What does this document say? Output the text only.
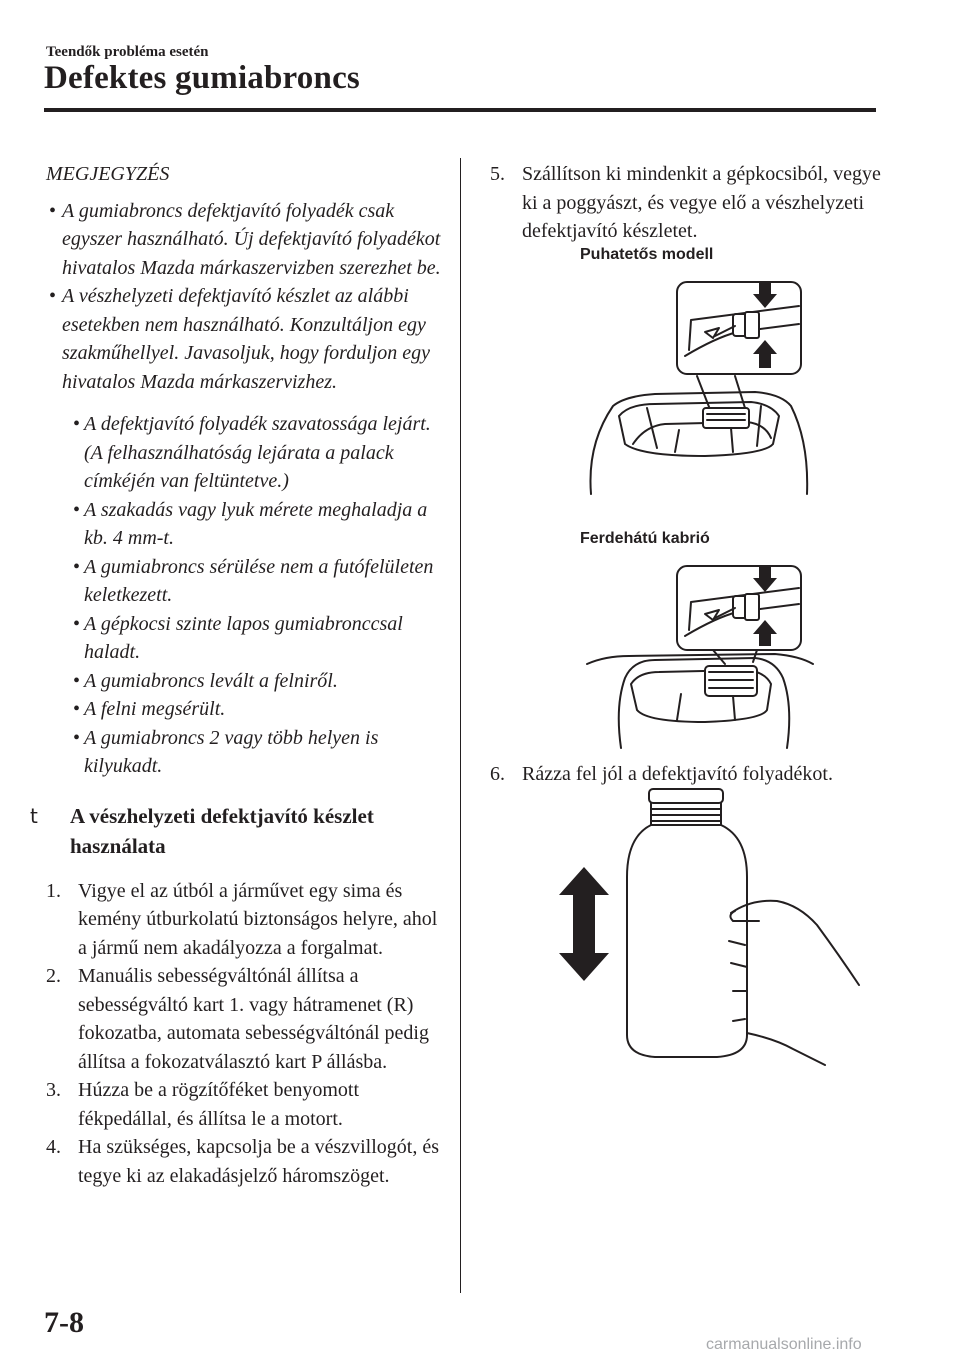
Teendők probléma esetén
Defektes gumiabroncs
MEGJEGYZÉS
• A gumiabroncs defektjavító folyadék csak egyszer használható. Új defektjavító folyadékot hivatalos Mazda márkaszervizben szerezhet be.
• A vészhelyzeti defektjavító készlet az alábbi esetekben nem használható. Konzultáljon egy szakműhellyel. Javasoljuk, hogy forduljon egy hivatalos Mazda márkaszervizhez.
• A defektjavító folyadék szavatossága lejárt. (A felhasználhatóság lejárata a palack címkéjén van feltüntetve.)
• A szakadás vagy lyuk mérete meghaladja a kb. 4 mm-t.
• A gumiabroncs sérülése nem a futófelületen keletkezett.
• A gépkocsi szinte lapos gumiabronccsal haladt.
• A gumiabroncs levált a felniről.
• A felni megsérült.
• A gumiabroncs 2 vagy több helyen is kilyukadt.
t A vészhelyzeti defektjavító készlet használata
1. Vigye el az útból a járművet egy sima és kemény útburkolatú biztonságos helyre, ahol a jármű nem akadályozza a forgalmat.
2. Manuális sebességváltónál állítsa a sebességváltó kart 1. vagy hátramenet (R) fokozatba, automata sebességváltónál pedig állítsa a fokozatválasztó kart P állásba.
3. Húzza be a rögzítőféket benyomott fékpedállal, és állítsa le a motort.
4. Ha szükséges, kapcsolja be a vészvillogót, és tegye ki az elakadásjelző háromszöget.
5. Szállítson ki mindenkit a gépkocsiból, vegye ki a poggyászt, és vegye elő a vészhelyzeti defektjavító készletet.
Puhatetős modell
Ferdehátú kabrió
6. Rázza fel jól a defektjavító folyadékot.
7-8
carmanualsonline.info
